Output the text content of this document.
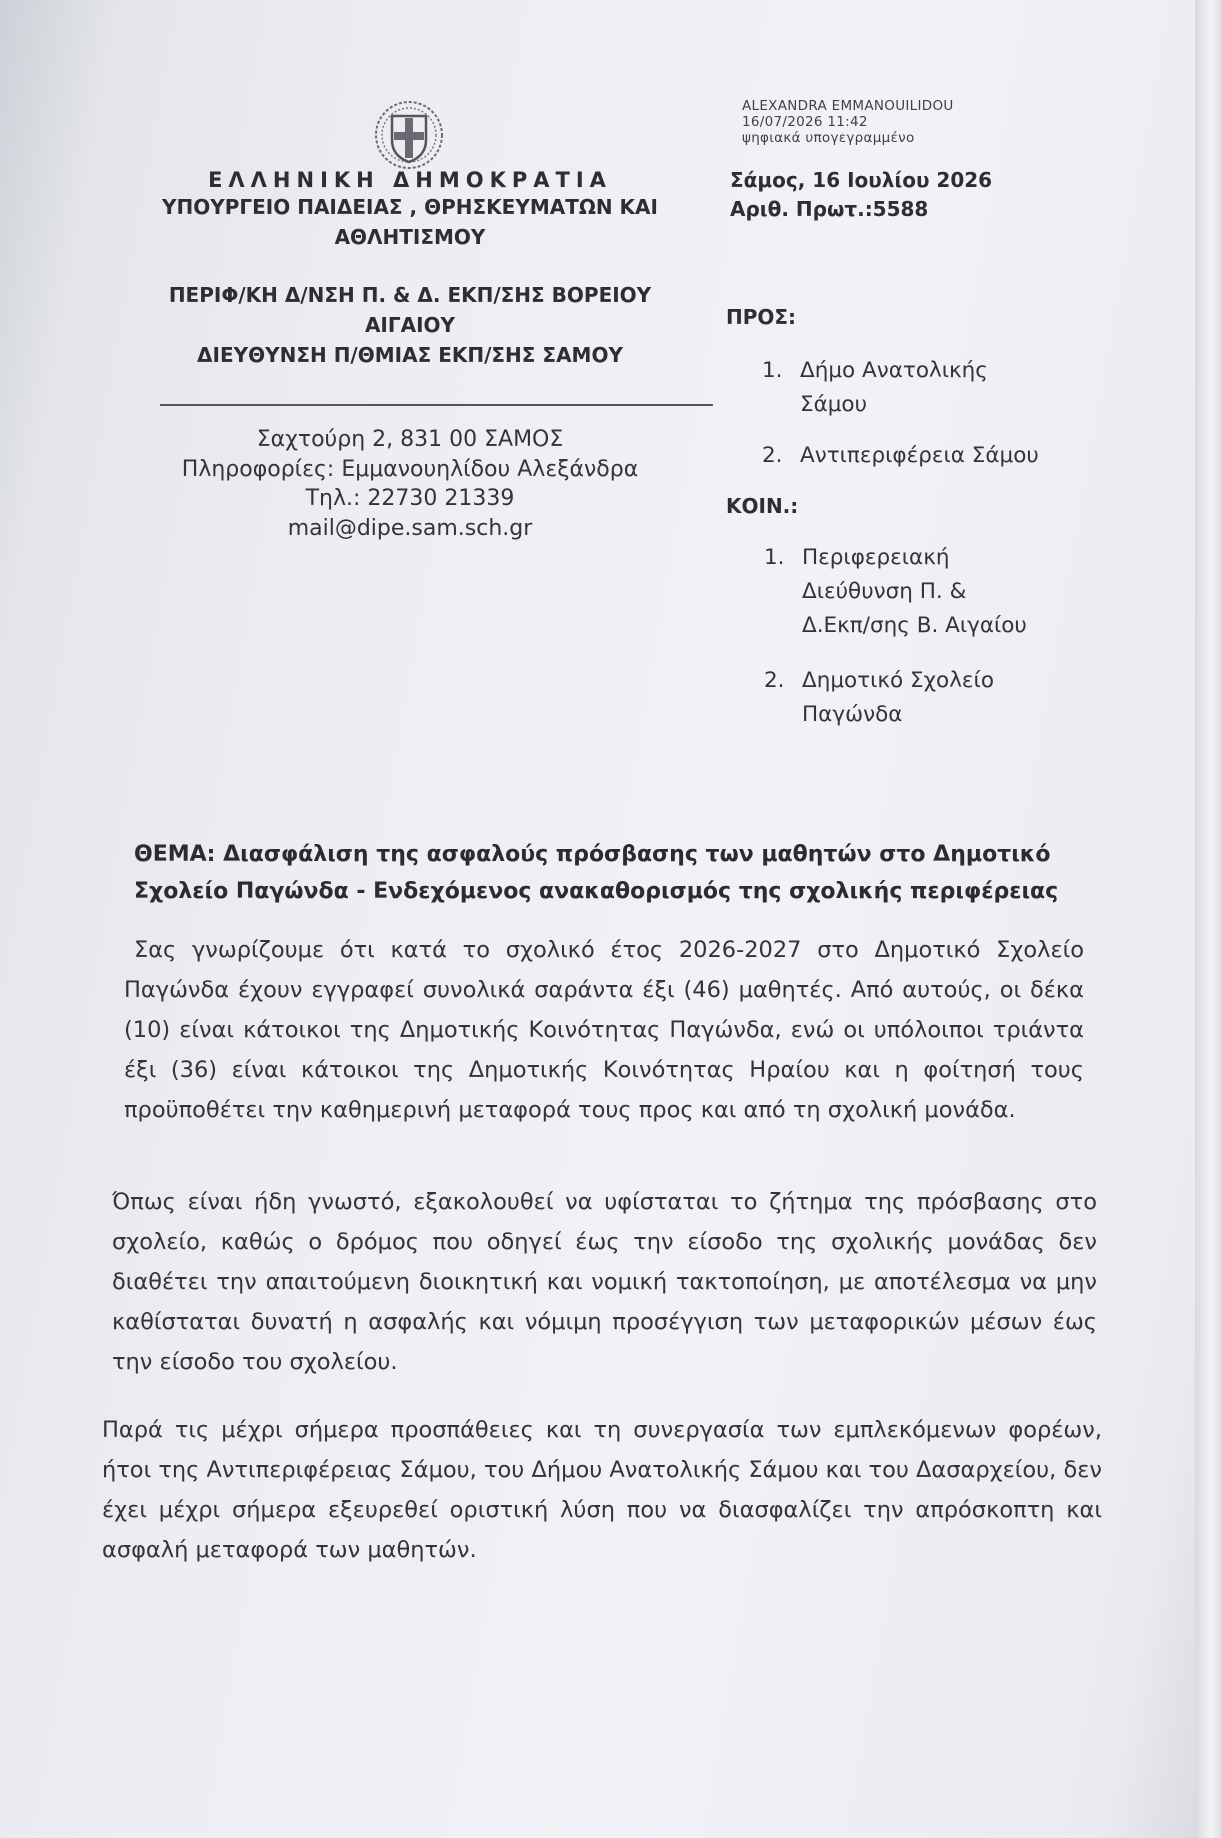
ΕΛΛΗΝΙΚΗ ΔΗΜΟΚΡΑΤΙΑ
ΥΠΟΥΡΓΕΙΟ ΠΑΙΔΕΙΑΣ , ΘΡΗΣΚΕΥΜΑΤΩΝ ΚΑΙ
ΑΘΛΗΤΙΣΜΟΥ
ΠΕΡΙΦ/ΚΗ Δ/ΝΣΗ Π. & Δ. ΕΚΠ/ΣΗΣ ΒΟΡΕΙΟΥ
ΑΙΓΑΙΟΥ
ΔΙΕΥΘΥΝΣΗ Π/ΘΜΙΑΣ ΕΚΠ/ΣΗΣ ΣΑΜΟΥ
Σαχτούρη 2, 831 00 ΣΑΜΟΣ
Πληροφορίες: Εμμανουηλίδου Αλεξάνδρα
Τηλ.: 22730 21339
mail@dipe.sam.sch.gr
ALEXANDRA EMMANOUILIDOU
16/07/2026 11:42
ψηφιακά υπογεγραμμένο
Σάμος, 16 Ιουλίου 2026
Αριθ. Πρωτ.:5588
ΠΡΟΣ:
1. Δήμο Ανατολικής
Σάμου
2. Αντιπεριφέρεια Σάμου
ΚΟΙΝ.:
1. Περιφερειακή
Διεύθυνση Π. &
Δ.Εκπ/σης Β. Αιγαίου
2. Δημοτικό Σχολείο
Παγώνδα
ΘΕΜΑ: Διασφάλιση της ασφαλούς πρόσβασης των μαθητών στο Δημοτικό
Σχολείο Παγώνδα - Ενδεχόμενος ανακαθορισμός της σχολικής περιφέρειας
Σας γνωρίζουμε ότι κατά το σχολικό έτος 2026-2027 στο Δημοτικό Σχολείο Παγώνδα έχουν εγγραφεί συνολικά σαράντα έξι (46) μαθητές. Από αυτούς, οι δέκα (10) είναι κάτοικοι της Δημοτικής Κοινότητας Παγώνδα, ενώ οι υπόλοιποι τριάντα έξι (36) είναι κάτοικοι της Δημοτικής Κοινότητας Ηραίου και η φοίτησή τους προϋποθέτει την καθημερινή μεταφορά τους προς και από τη σχολική μονάδα.
Όπως είναι ήδη γνωστό, εξακολουθεί να υφίσταται το ζήτημα της πρόσβασης στο σχολείο, καθώς ο δρόμος που οδηγεί έως την είσοδο της σχολικής μονάδας δεν διαθέτει την απαιτούμενη διοικητική και νομική τακτοποίηση, με αποτέλεσμα να μην καθίσταται δυνατή η ασφαλής και νόμιμη προσέγγιση των μεταφορικών μέσων έως την είσοδο του σχολείου.
Παρά τις μέχρι σήμερα προσπάθειες και τη συνεργασία των εμπλεκόμενων φορέων, ήτοι της Αντιπεριφέρειας Σάμου, του Δήμου Ανατολικής Σάμου και του Δασαρχείου, δεν έχει μέχρι σήμερα εξευρεθεί οριστική λύση που να διασφαλίζει την απρόσκοπτη και ασφαλή μεταφορά των μαθητών.
